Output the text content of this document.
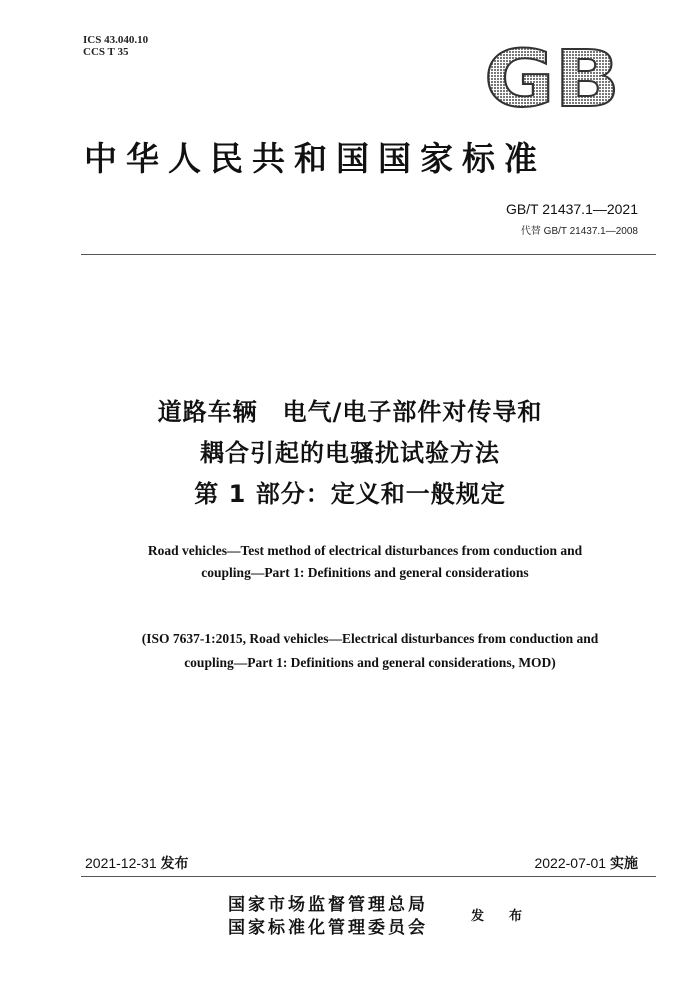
ICS 43.040.10
CCS T 35	GB
中华人民共和国国家标准
GB/T 21437.1—2021
代替 GB/T 21437.1—2008
道路车辆　电气/电子部件对传导和
耦合引起的电骚扰试验方法
第 1 部分：定义和一般规定
Road vehicles—Test method of electrical disturbances from conduction and
coupling—Part 1: Definitions and general considerations
(ISO 7637-1:2015, Road vehicles—Electrical disturbances from conduction and
coupling—Part 1: Definitions and general considerations, MOD)
2021-12-31 发布	2022-07-01 实施
国家市场监督管理总局
国家标准化管理委员会
发　布
